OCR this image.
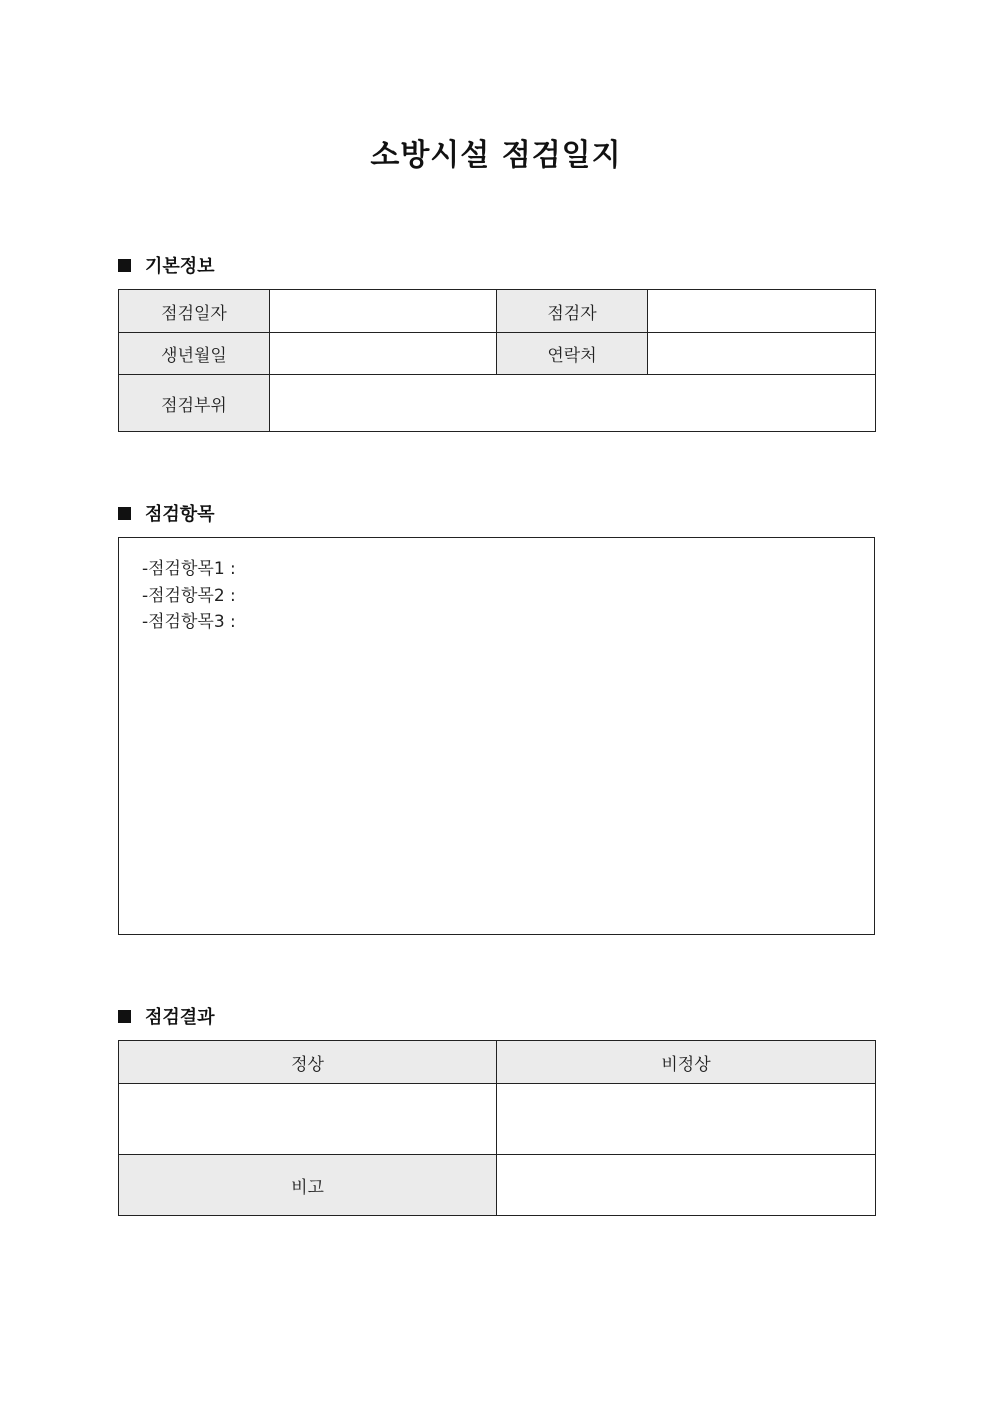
소방시설 점검일지
기본정보
점검일자		점검자	
생년월일		연락처	
점검부위			
점검항목
-점검항목1 :
-점검항목2 :
-점검항목3 :
점검결과
정상	비정상

비고	
